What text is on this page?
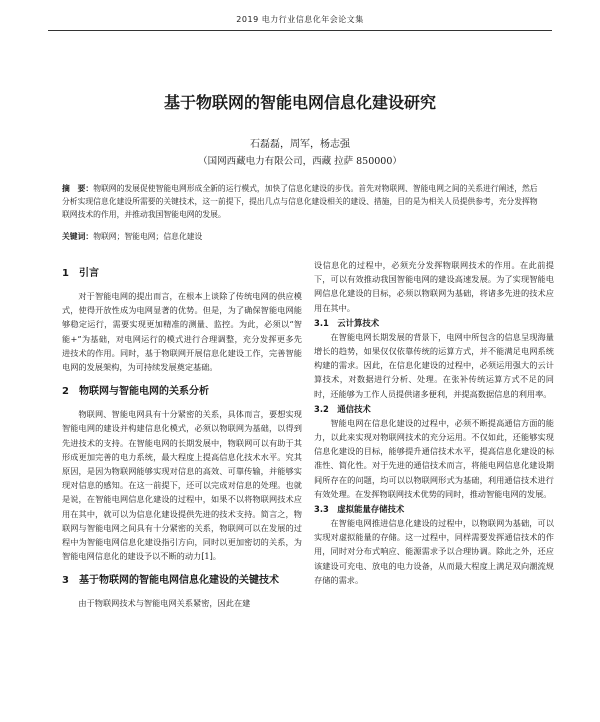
2019 电力行业信息化年会论文集
基于物联网的智能电网信息化建设研究
石磊磊，周军，杨志强
（国网西藏电力有限公司，西藏 拉萨 850000）
摘　要：物联网的发展促使智能电网形成全新的运行模式，加快了信息化建设的步伐。首先对物联网、智能电网之间的关系进行阐述，然后分析实现信息化建设所需要的关键技术，这一前提下，提出几点与信息化建设相关的建设、措施，目的是为相关人员提供参考，充分发挥物联网技术的作用，并推动我国智能电网的发展。
关键词：物联网；智能电网；信息化建设
1　引言

对于智能电网的提出而言，在根本上谈除了传统电网的供应模式，使得开放性成为电网显著的优势。但是，为了确保智能电网能够稳定运行，需要实现更加精准的测量、监控。为此，必须以“智能+”为基础，对电网运行的模式进行合理调整，充分发挥更多先进技术的作用。同时，基于物联网开展信息化建设工作，完善智能电网的发展架构，为可持续发展奠定基础。

2　物联网与智能电网的关系分析

物联网、智能电网具有十分紧密的关系，具体而言，要想实现智能电网的建设并构建信息化模式，必须以物联网为基础，以得到先进技术的支持。在智能电网的长期发展中，物联网可以有助于其形成更加完善的电力系统，最大程度上提高信息化技术水平。究其原因，是因为物联网能够实现对信息的高效、可靠传输，并能够实现对信息的感知。在这一前提下，还可以完成对信息的处理。也就是说，在智能电网信息化建设的过程中，如果不以将物联网技术应用在其中，就可以为信息化建设提供先进的技术支持。简言之，物联网与智能电网之间具有十分紧密的关系，物联网可以在发展的过程中为智能电网信息化建设指引方向，同时以更加密切的关系，为智能电网信息化的建设予以不断的动力[1]。

3　基于物联网的智能电网信息化建设的关键技术

由于物联网技术与智能电网关系紧密，因此在建

设信息化的过程中，必须充分发挥物联网技术的作用。在此前提下，可以有效推动我国智能电网的建设高速发展。为了实现智能电网信息化建设的目标，必须以物联网为基础，将诸多先进的技术应用在其中。

3.1　云计算技术

在智能电网长期发展的背景下，电网中所包含的信息呈现海量增长的趋势，如果仅仅依靠传统的运算方式，并不能满足电网系统构建的需求。因此，在信息化建设的过程中，必须运用强大的云计算技术，对数据进行分析、处理。在张补传统运算方式不足的同时，还能够为工作人员提供诸多便利，并提高数据信息的利用率。

3.2　通信技术

智能电网在信息化建设的过程中，必须不断提高通信方面的能力，以此来实现对物联网技术的充分运用。不仅如此，还能够实现信息化建设的目标，能够提升通信技术水平，提高信息化建设的标准性、简化性。对于先进的通信技术而言，将能电网信息化建设期间所存在的问题，均可以以物联网形式为基础，利用通信技术进行有效处理。在发挥物联网技术优势的同时，推动智能电网的发展。

3.3　虚拟能量存储技术

在智能电网推进信息化建设的过程中，以物联网为基础，可以实现对虚拟能量的存储。这一过程中，同样需要发挥通信技术的作用，同时对分布式响应、能源需求予以合理协调。除此之外，还应该建设可充电、放电的电力设备，从而最大程度上满足双向潮流规存储的需求。
